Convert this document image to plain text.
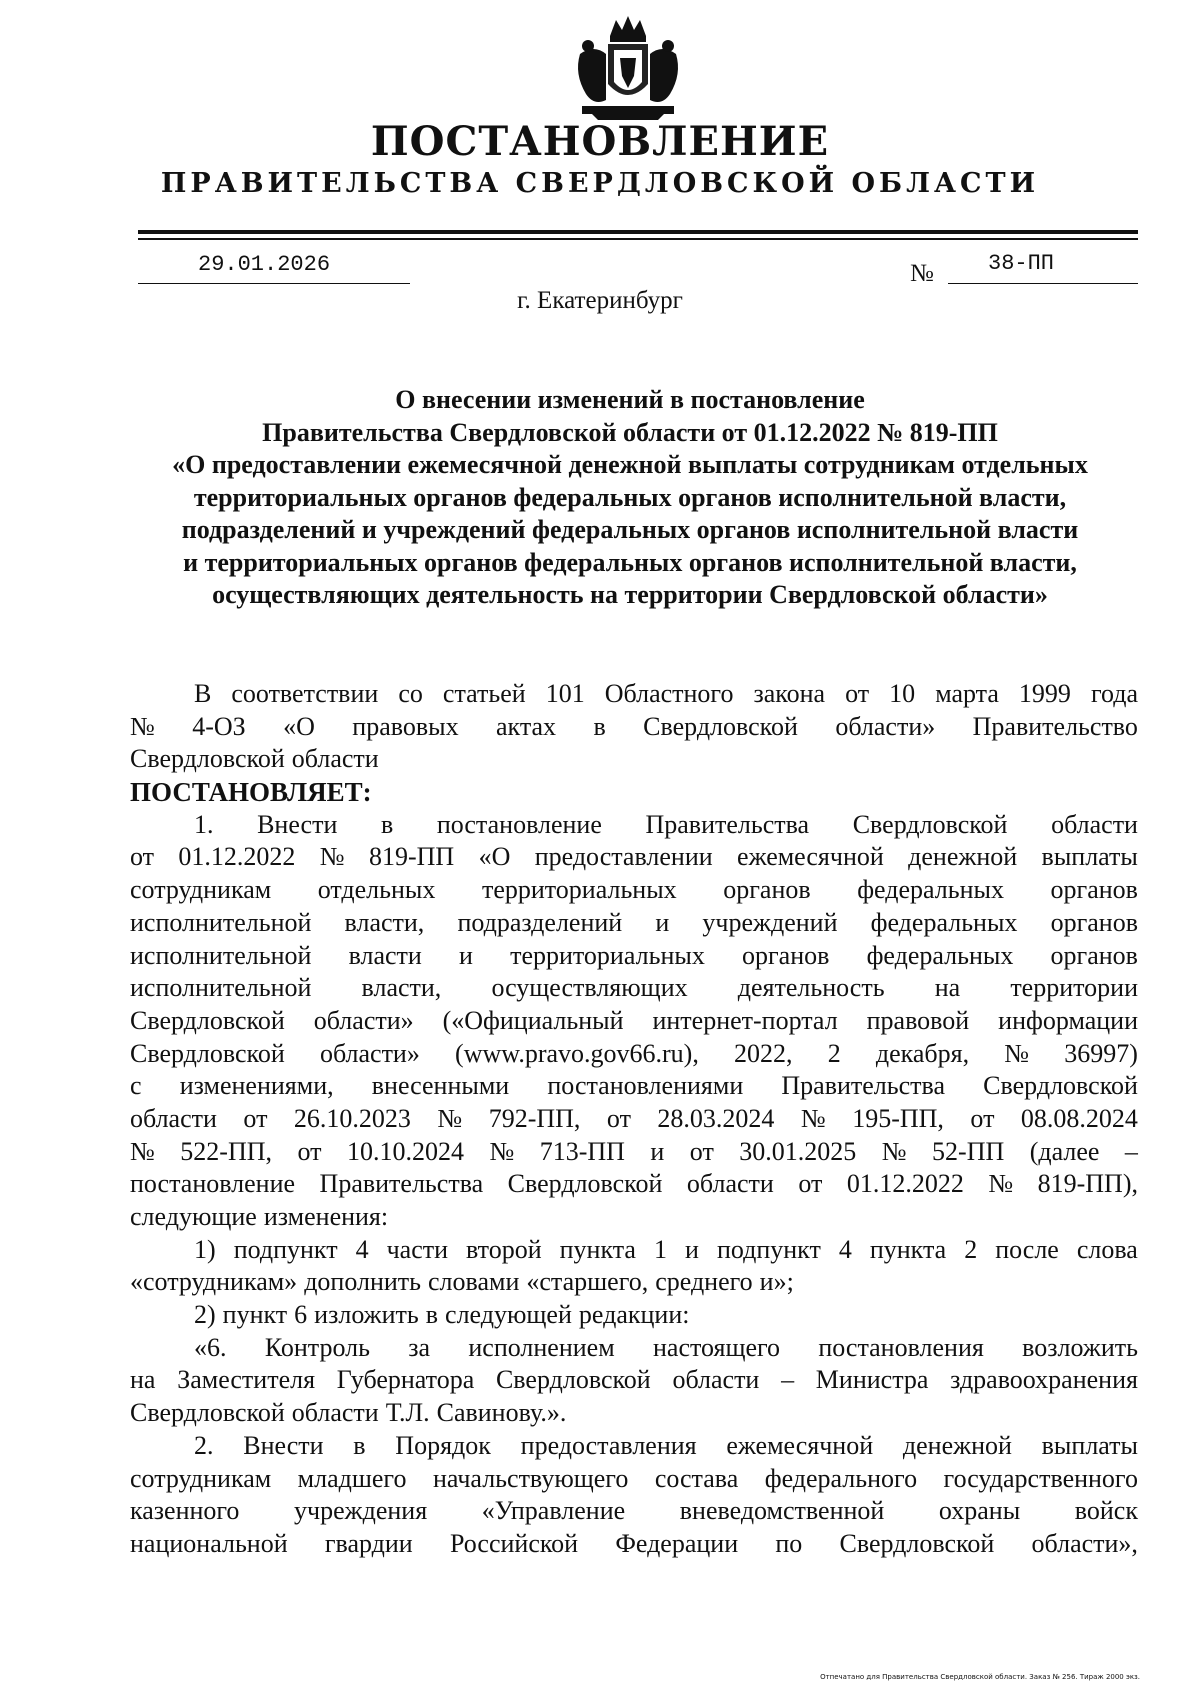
ПОСТАНОВЛЕНИЕ
ПРАВИТЕЛЬСТВА СВЕРДЛОВСКОЙ ОБЛАСТИ
29.01.2026	№ 38-ПП
г. Екатеринбург
О внесении изменений в постановление
Правительства Свердловской области от 01.12.2022 № 819-ПП
«О предоставлении ежемесячной денежной выплаты сотрудникам отдельных
территориальных органов федеральных органов исполнительной власти,
подразделений и учреждений федеральных органов исполнительной власти
и территориальных органов федеральных органов исполнительной власти,
осуществляющих деятельность на территории Свердловской области»
В соответствии со статьей 101 Областного закона от 10 марта 1999 года
№ 4-ОЗ «О правовых актах в Свердловской области» Правительство
Свердловской области
ПОСТАНОВЛЯЕТ:
1. Внести в постановление Правительства Свердловской области
от 01.12.2022 № 819-ПП «О предоставлении ежемесячной денежной выплаты
сотрудникам отдельных территориальных органов федеральных органов
исполнительной власти, подразделений и учреждений федеральных органов
исполнительной власти и территориальных органов федеральных органов
исполнительной власти, осуществляющих деятельность на территории
Свердловской области» («Официальный интернет-портал правовой информации
Свердловской области» (www.pravo.gov66.ru), 2022, 2 декабря, № 36997)
с изменениями, внесенными постановлениями Правительства Свердловской
области от 26.10.2023 № 792-ПП, от 28.03.2024 № 195-ПП, от 08.08.2024
№ 522-ПП, от 10.10.2024 № 713-ПП и от 30.01.2025 № 52-ПП (далее –
постановление Правительства Свердловской области от 01.12.2022 № 819-ПП),
следующие изменения:
1) подпункт 4 части второй пункта 1 и подпункт 4 пункта 2 после слова
«сотрудникам» дополнить словами «старшего, среднего и»;
2) пункт 6 изложить в следующей редакции:
«6. Контроль за исполнением настоящего постановления возложить
на Заместителя Губернатора Свердловской области – Министра здравоохранения
Свердловской области Т.Л. Савинову.».
2. Внести в Порядок предоставления ежемесячной денежной выплаты
сотрудникам младшего начальствующего состава федерального государственного
казенного учреждения «Управление вневедомственной охраны войск
национальной гвардии Российской Федерации по Свердловской области»,
Отпечатано для Правительства Свердловской области. Заказ № 256. Тираж 2000 экз.
